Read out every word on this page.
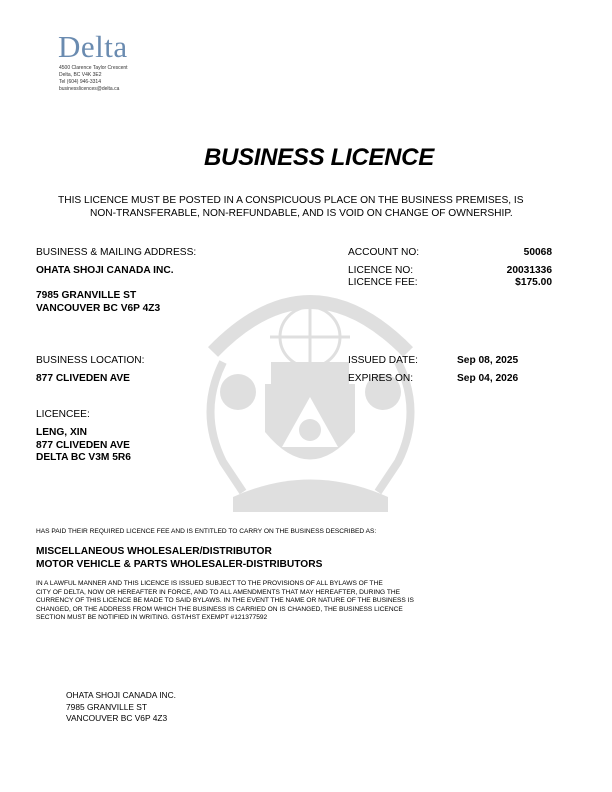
Delta
4500 Clarence Taylor Crescent
Delta, BC V4K 3E2
Tel (604) 946-3314
businesslicences@delta.ca
BUSINESS LICENCE
THIS LICENCE MUST BE POSTED IN A CONSPICUOUS PLACE ON THE BUSINESS PREMISES, IS
NON-TRANSFERABLE, NON-REFUNDABLE, AND IS VOID ON CHANGE OF OWNERSHIP.
BUSINESS & MAILING ADDRESS:
OHATA SHOJI CANADA INC.
7985 GRANVILLE ST
VANCOUVER BC V6P 4Z3
ACCOUNT NO:	50068
LICENCE NO:	20031336
LICENCE FEE:	$175.00
BUSINESS LOCATION:
877 CLIVEDEN AVE
ISSUED DATE:	Sep 08, 2025
EXPIRES ON:	Sep 04, 2026
LICENCEE:
LENG, XIN
877 CLIVEDEN AVE
DELTA BC V3M 5R6
HAS PAID THEIR REQUIRED LICENCE FEE AND IS ENTITLED TO CARRY ON THE BUSINESS DESCRIBED AS:
MISCELLANEOUS WHOLESALER/DISTRIBUTOR
MOTOR VEHICLE & PARTS WHOLESALER-DISTRIBUTORS
IN A LAWFUL MANNER AND THIS LICENCE IS ISSUED SUBJECT TO THE PROVISIONS OF ALL BYLAWS OF THE
CITY OF DELTA, NOW OR HEREAFTER IN FORCE, AND TO ALL AMENDMENTS THAT MAY HEREAFTER, DURING THE
CURRENCY OF THIS LICENCE BE MADE TO SAID BYLAWS. IN THE EVENT THE NAME OR NATURE OF THE BUSINESS IS
CHANGED, OR THE ADDRESS FROM WHICH THE BUSINESS IS CARRIED ON IS CHANGED, THE BUSINESS LICENCE
SECTION MUST BE NOTIFIED IN WRITING. GST/HST EXEMPT #121377592
OHATA SHOJI CANADA INC.
7985 GRANVILLE ST
VANCOUVER BC V6P 4Z3
